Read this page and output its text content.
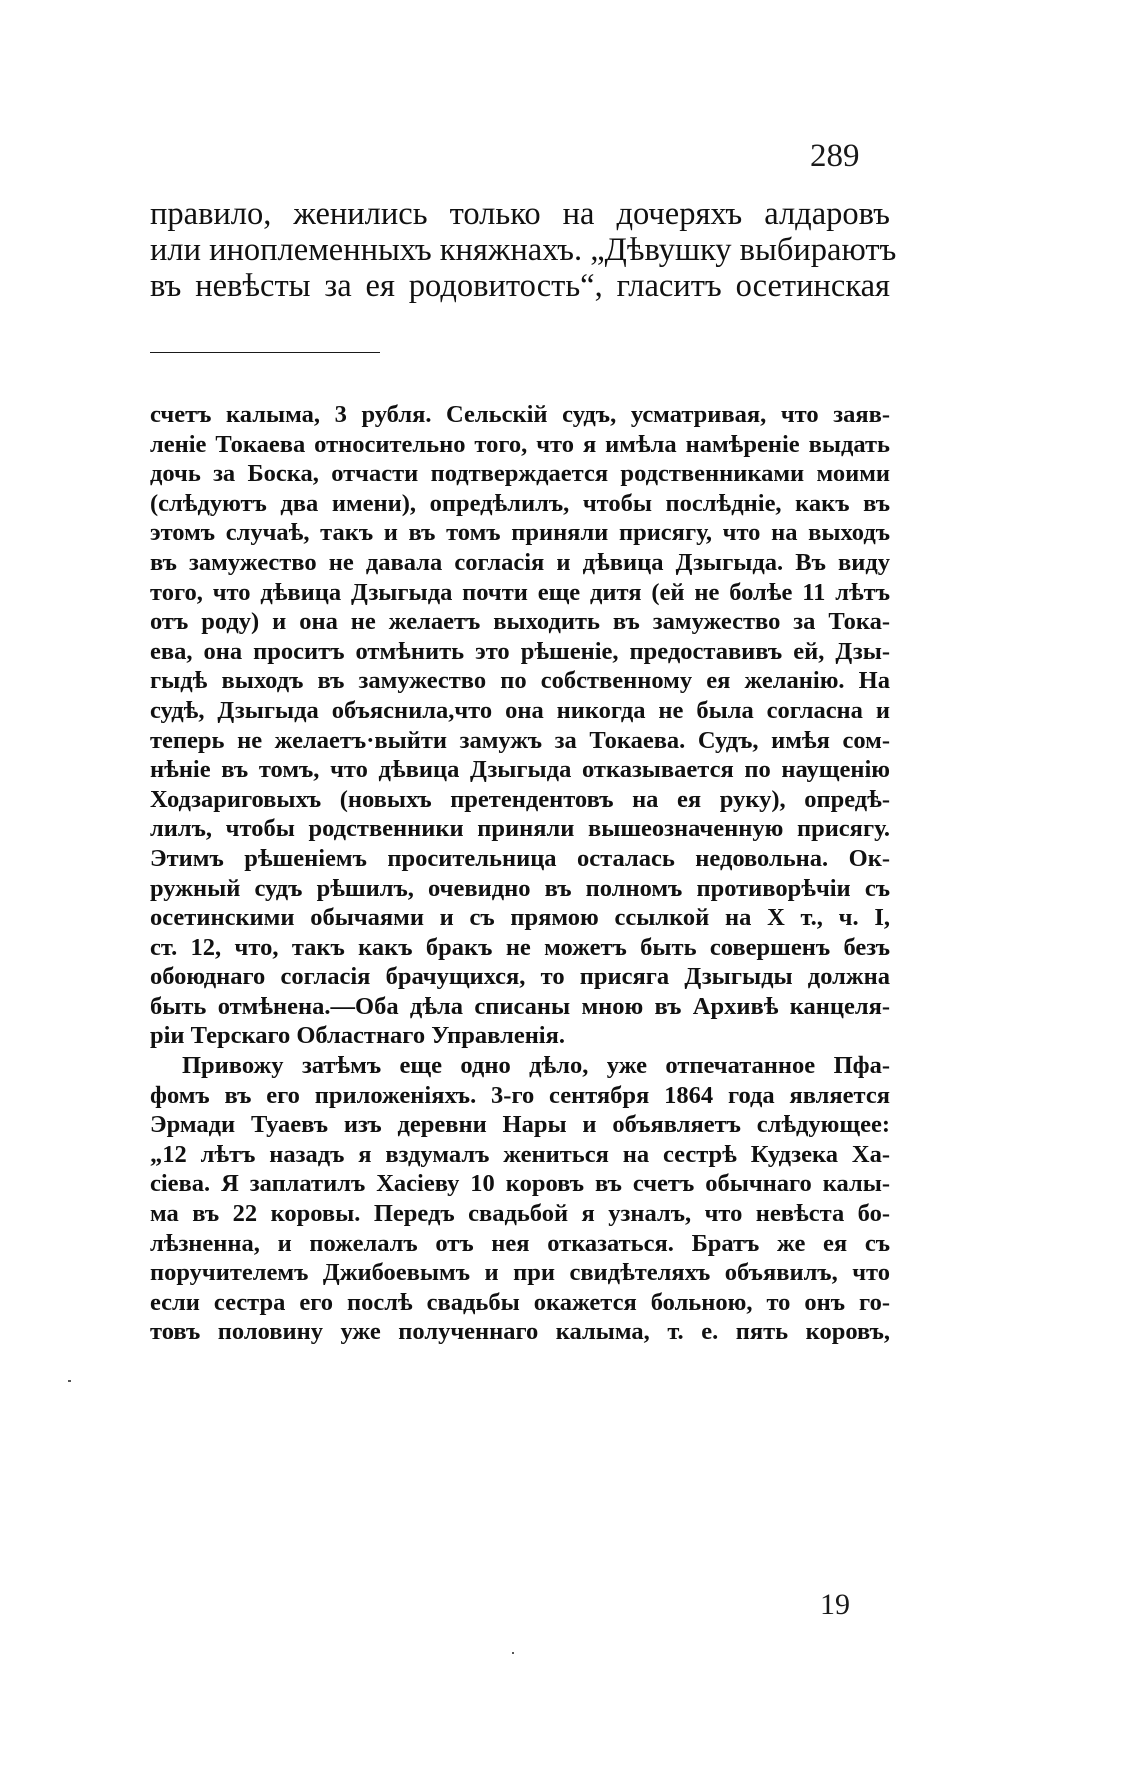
289
правило, женились только на дочеряхъ алдаровъ
или иноплеменныхъ княжнахъ. „Дѣвушку выбираютъ
въ невѣсты за ея родовитость“, гласитъ осетинская
счетъ калыма, 3 рубля. Сельскій судъ, усматривая, что заяв-
леніе Токаева относительно того, что я имѣла намѣреніе выдать
дочь за Боска, отчасти подтверждается родственниками моими
(слѣдуютъ два имени), опредѣлилъ, чтобы послѣдніе, какъ въ
этомъ случаѣ, такъ и въ томъ приняли присягу, что на выходъ
въ замужество не давала согласія и дѣвица Дзыгыда. Въ виду
того, что дѣвица Дзыгыда почти еще дитя (ей не болѣе 11 лѣтъ
отъ роду) и она не желаетъ выходить въ замужество за Тока-
ева, она проситъ отмѣнить это рѣшеніе, предоставивъ ей, Дзы-
гыдѣ выходъ въ замужество по собственному ея желанію. На
судѣ, Дзыгыда объяснила,что она никогда не была согласна и
теперь не желаетъ·выйти замужъ за Токаева. Судъ, имѣя сом-
нѣніе въ томъ, что дѣвица Дзыгыда отказывается по наущенію
Ходзариговыхъ (новыхъ претендентовъ на ея руку), опредѣ-
лилъ, чтобы родственники приняли вышеозначенную присягу.
Этимъ рѣшеніемъ просительница осталась недовольна. Ок-
ружный судъ рѣшилъ, очевидно въ полномъ противорѣчіи съ
осетинскими обычаями и съ прямою ссылкой на X т., ч. I,
ст. 12, что, такъ какъ бракъ не можетъ быть совершенъ безъ
обоюднаго согласія брачущихся, то присяга Дзыгыды должна
быть отмѣнена.—Оба дѣла списаны мною въ Архивѣ канцеля-
ріи Терскаго Областнаго Управленія.
Привожу затѣмъ еще одно дѣло, уже отпечатанное Пфа-
фомъ въ его приложеніяхъ. 3-го сентября 1864 года является
Эрмади Туаевъ изъ деревни Нары и объявляетъ слѣдующее:
„12 лѣтъ назадъ я вздумалъ жениться на сестрѣ Кудзека Ха-
сіева. Я заплатилъ Хасіеву 10 коровъ въ счетъ обычнаго калы-
ма въ 22 коровы. Передъ свадьбой я узналъ, что невѣста бо-
лѣзненна, и пожелалъ отъ нея отказаться. Братъ же ея съ
поручителемъ Джибоевымъ и при свидѣтеляхъ объявилъ, что
если сестра его послѣ свадьбы окажется больною, то онъ го-
товъ половину уже полученнаго калыма, т. е. пять коровъ,
19
